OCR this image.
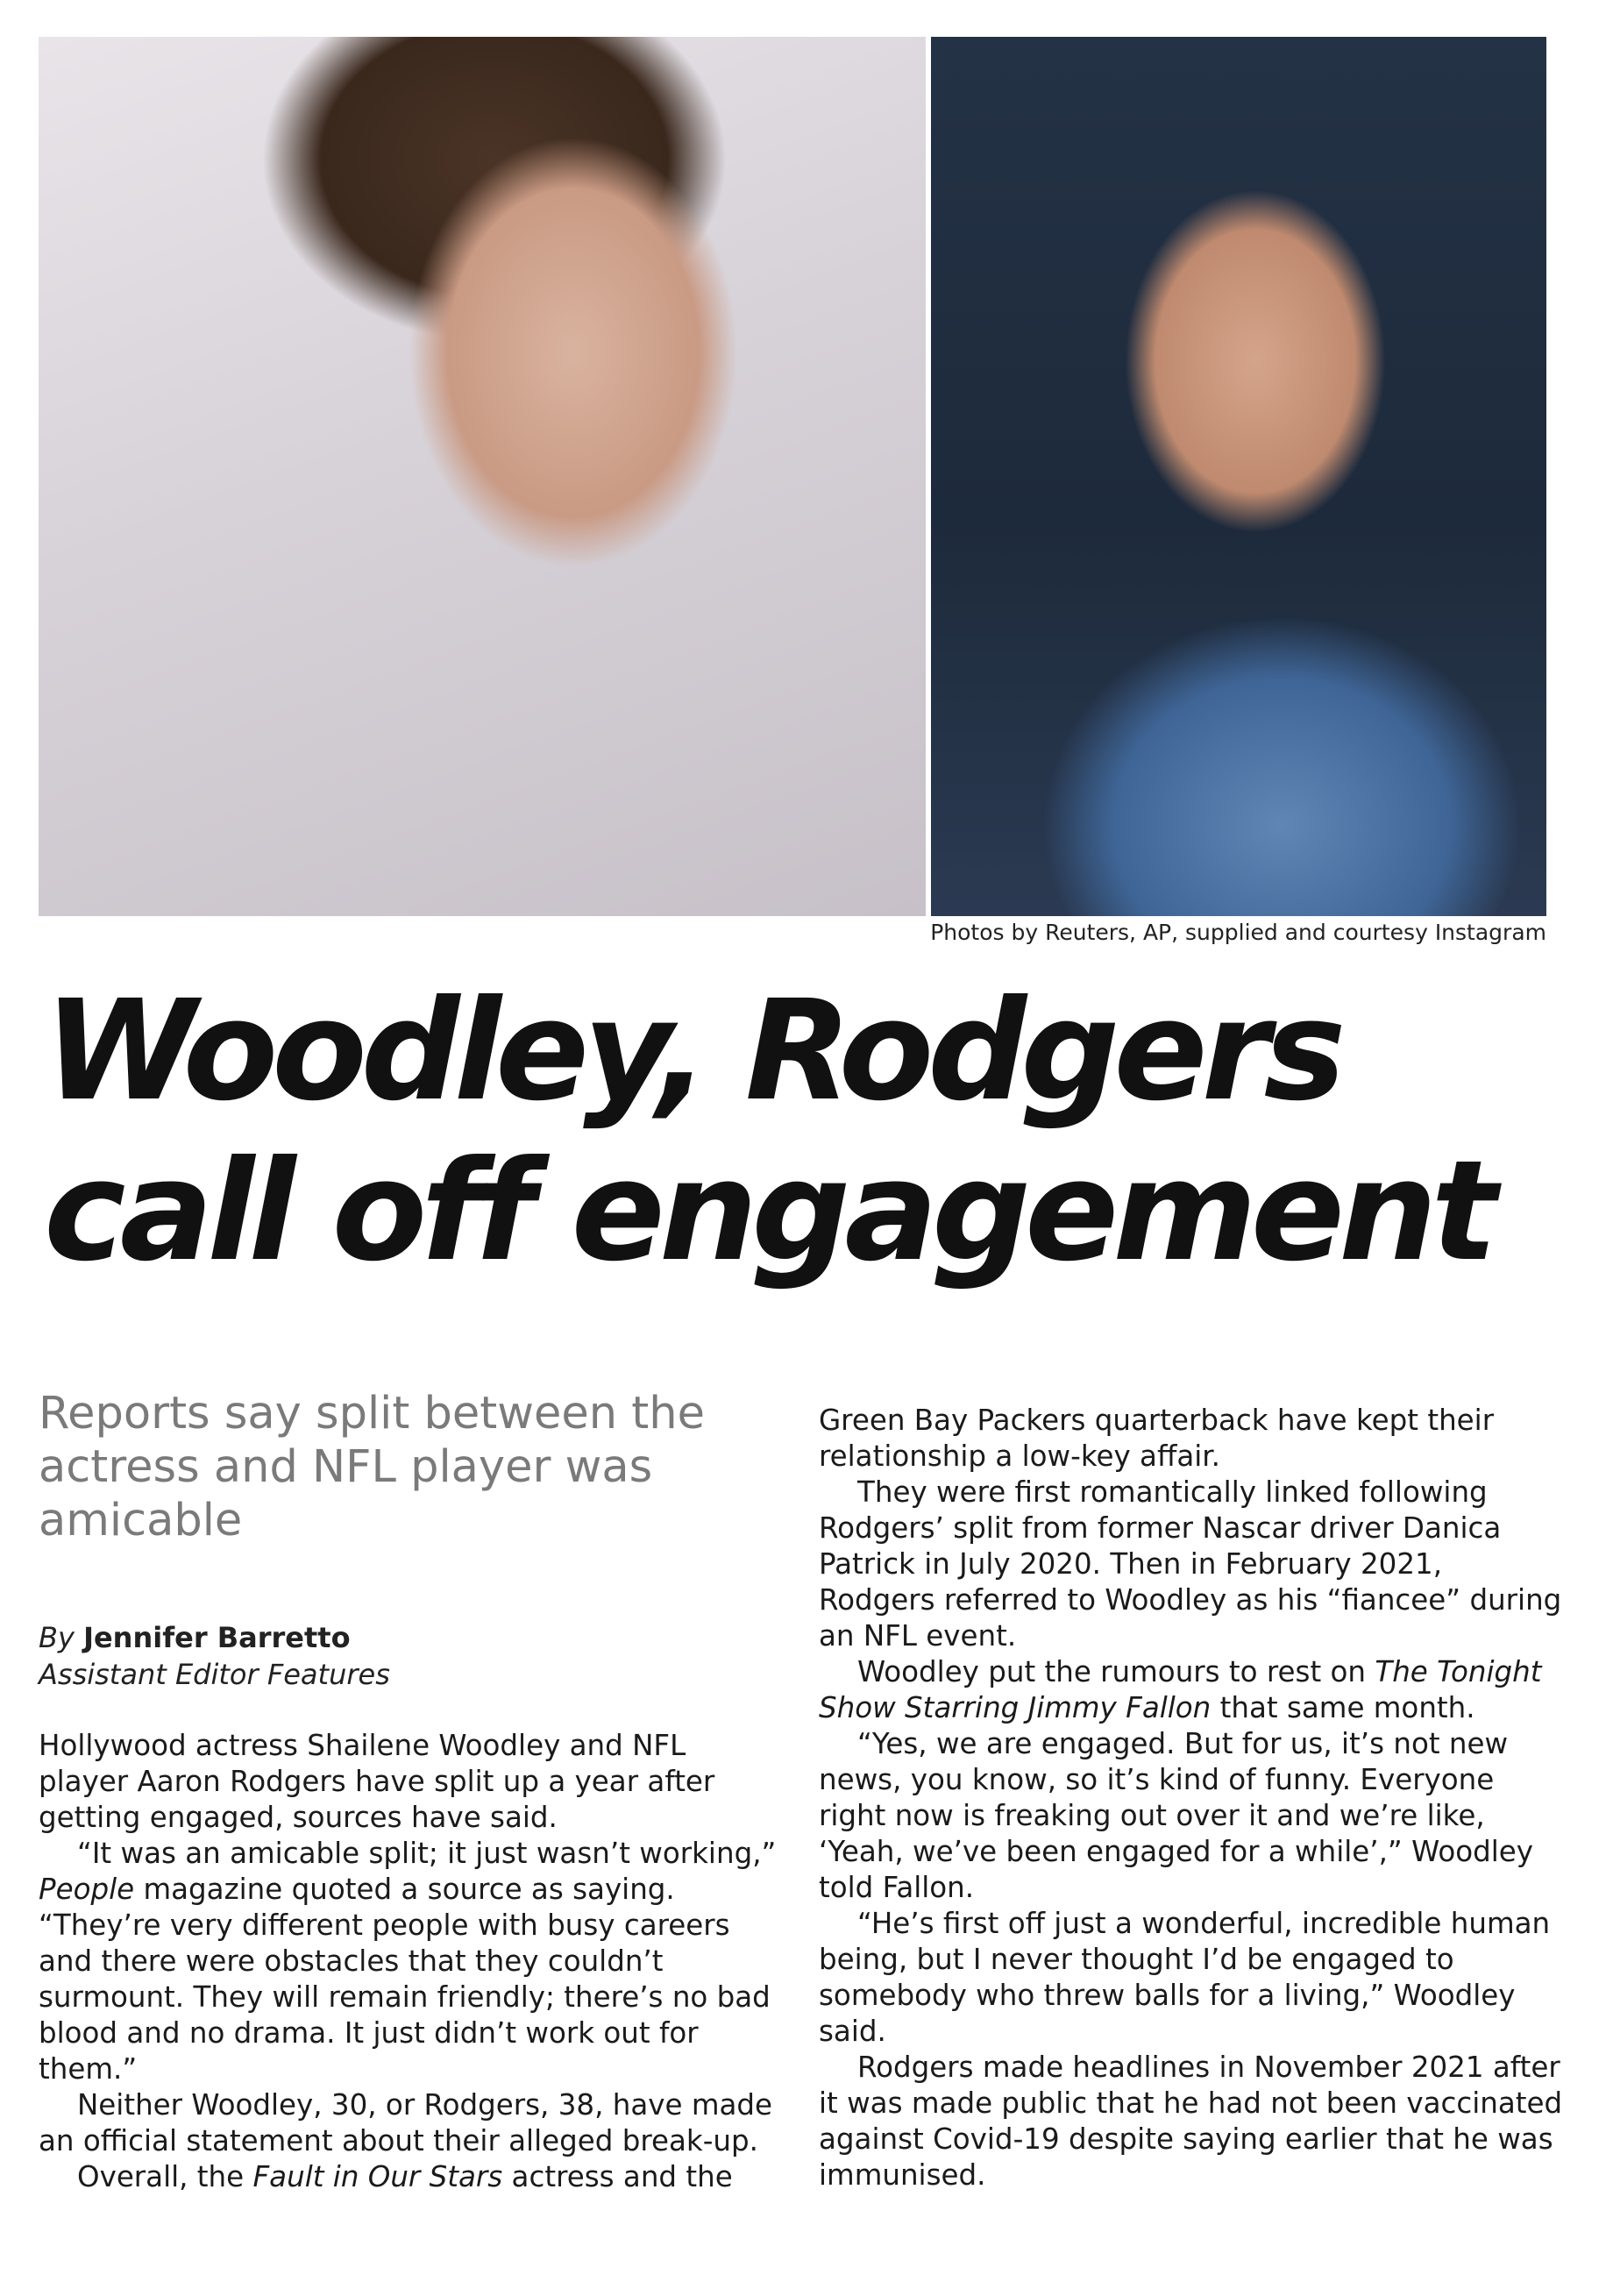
Photos by Reuters, AP, supplied and courtesy Instagram
Woodley, Rodgers
call off engagement
Reports say split between the actress and NFL player was amicable
By Jennifer Barretto
Assistant Editor Features

Hollywood actress Shailene Woodley and NFL player Aaron Rodgers have split up a year after getting engaged, sources have said.

“It was an amicable split; it just wasn’t working,” People magazine quoted a source as saying. “They’re very different people with busy careers and there were obstacles that they couldn’t surmount. They will remain friendly; there’s no bad blood and no drama. It just didn’t work out for them.”

Neither Woodley, 30, or Rodgers, 38, have made an official statement about their alleged break-up.

Overall, the Fault in Our Stars actress and the

Green Bay Packers quarterback have kept their relationship a low-key affair.

They were first romantically linked following Rodgers’ split from former Nascar driver Danica Patrick in July 2020. Then in February 2021, Rodgers referred to Woodley as his “fiancee” during an NFL event.

Woodley put the rumours to rest on The Tonight Show Starring Jimmy Fallon that same month.

“Yes, we are engaged. But for us, it’s not new news, you know, so it’s kind of funny. Everyone right now is freaking out over it and we’re like, ‘Yeah, we’ve been engaged for a while’,” Woodley told Fallon.

“He’s first off just a wonderful, incredible human being, but I never thought I’d be engaged to somebody who threw balls for a living,” Woodley said.

Rodgers made headlines in November 2021 after it was made public that he had not been vaccinated against Covid-19 despite saying earlier that he was immunised.
